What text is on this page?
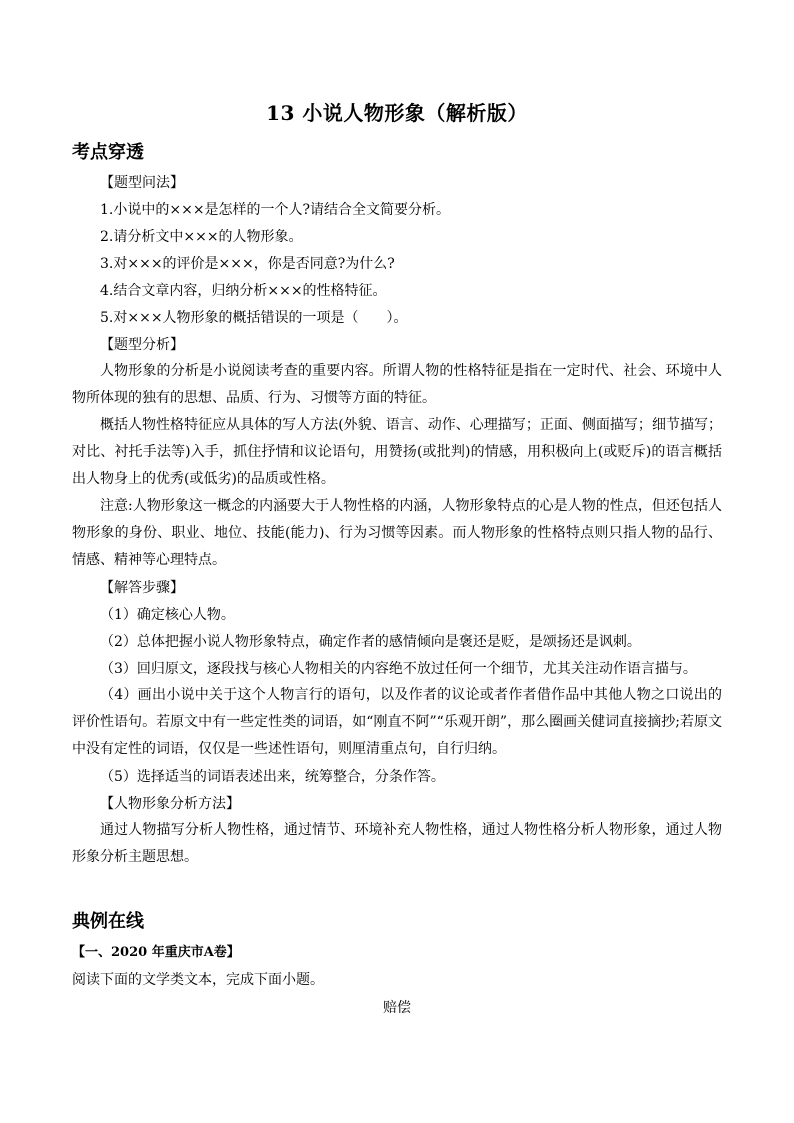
13 小说人物形象（解析版）
考点穿透
【题型问法】
1.小说中的×××是怎样的一个人?请结合全文简要分析。
2.请分析文中×××的人物形象。
3.对×××的评价是×××，你是否同意?为什么?
4.结合文章内容，归纳分析×××的性格特征。
5.对×××人物形象的概括错误的一项是（　　）。
【题型分析】
人物形象的分析是小说阅读考查的重要内容。所谓人物的性格特征是指在一定时代、社会、环境中人物所体现的独有的思想、品质、行为、习惯等方面的特征。
概括人物性格特征应从具体的写人方法(外貌、语言、动作、心理描写；正面、侧面描写；细节描写；对比、衬托手法等)入手，抓住抒情和议论语句，用赞扬(或批判)的情感，用积极向上(或贬斥)的语言概括出人物身上的优秀(或低劣)的品质或性格。
注意:人物形象这一概念的内涵要大于人物性格的内涵，人物形象特点的心是人物的性点，但还包括人物形象的身份、职业、地位、技能(能力)、行为习惯等因素。而人物形象的性格特点则只指人物的品行、情感、精神等心理特点。
【解答步骤】
（1）确定核心人物。
（2）总体把握小说人物形象特点，确定作者的感情倾向是褒还是贬，是颂扬还是讽刺。
（3）回归原文，逐段找与核心人物相关的内容绝不放过任何一个细节，尤其关注动作语言描与。
（4）画出小说中关于这个人物言行的语句，以及作者的议论或者作者借作品中其他人物之口说出的评价性语句。若原文中有一些定性类的词语，如“刚直不阿”“乐观开朗”，那么圈画关健词直接摘抄;若原文中没有定性的词语，仅仅是一些述性语句，则厘清重点句，自行归纳。
（5）选择适当的词语表述出来，统筹整合，分条作答。
【人物形象分析方法】
通过人物描写分析人物性格，通过情节、环境补充人物性格，通过人物性格分析人物形象，通过人物形象分析主题思想。
典例在线
【一、2020 年重庆市A卷】
阅读下面的文学类文本，完成下面小题。
赔偿
